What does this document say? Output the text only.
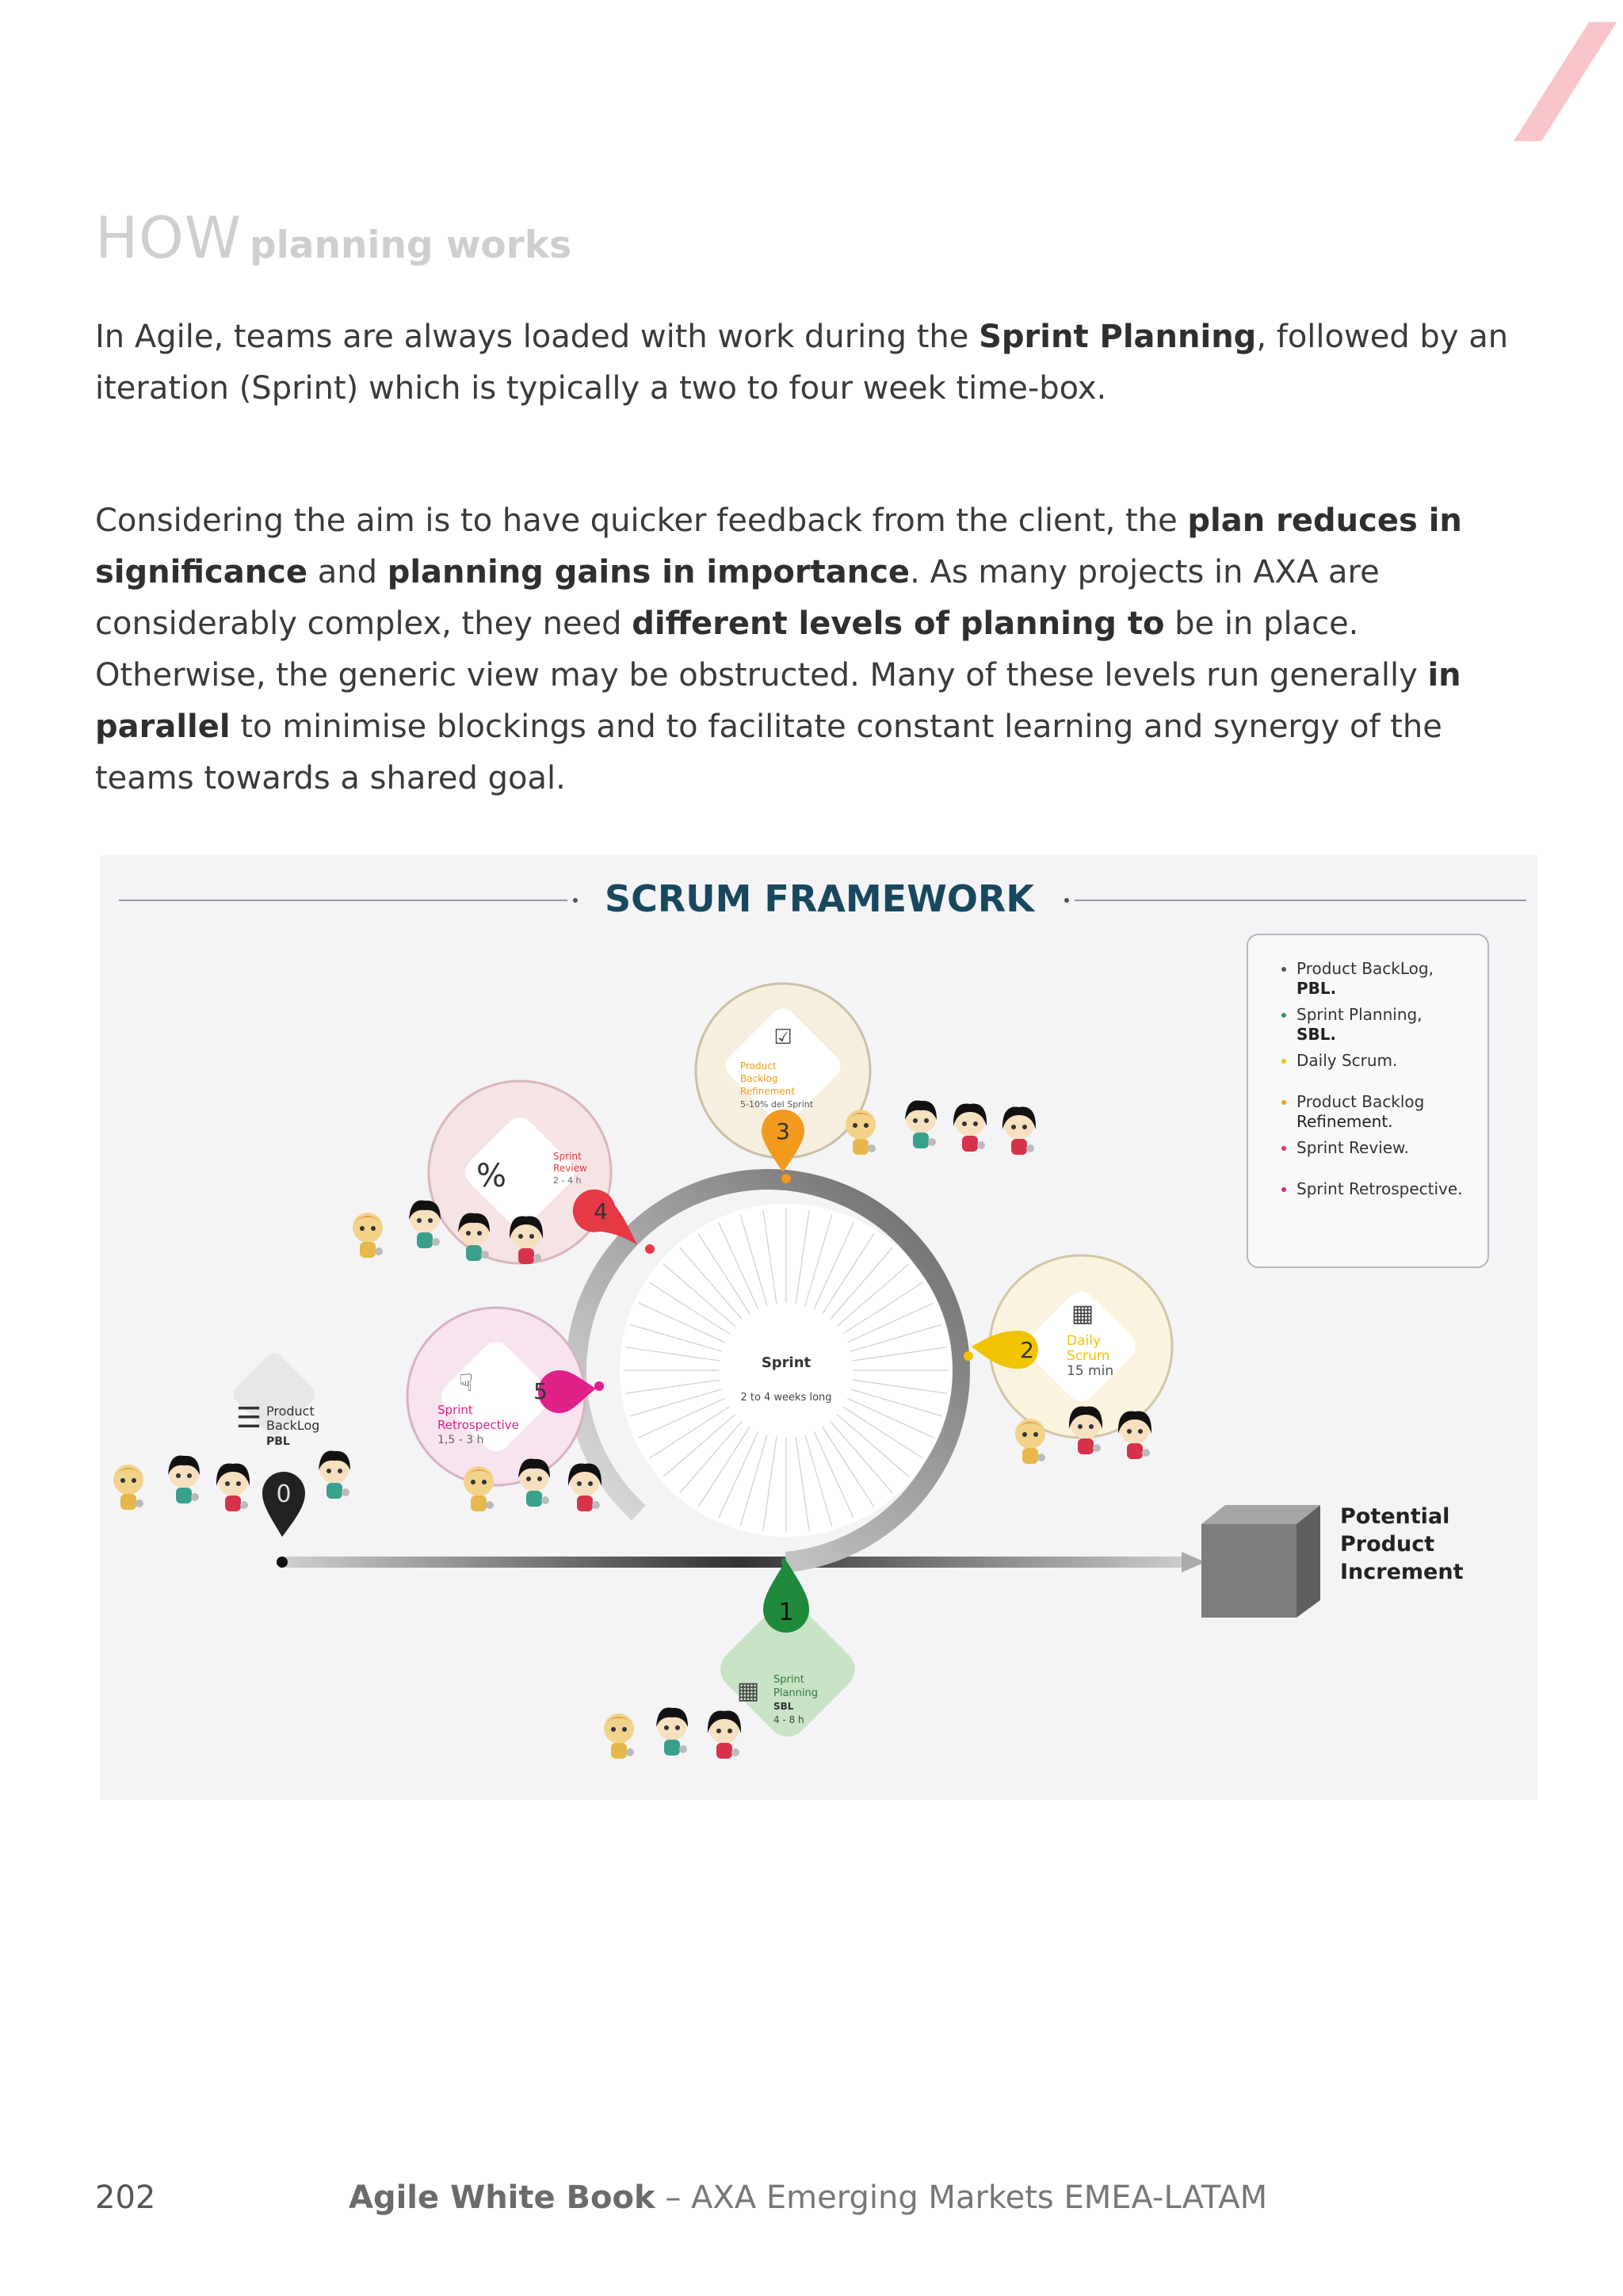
HOW planning works

In Agile, teams are always loaded with work during the Sprint Planning, followed by an iteration (Sprint) which is typically a two to four week time-box.

Considering the aim is to have quicker feedback from the client, the plan reduces in significance and planning gains in importance. As many projects in AXA are considerably complex, they need different levels of planning to be in place. Otherwise, the generic view may be obstructed. Many of these levels run generally in parallel to minimise blockings and to facilitate constant learning and synergy of the teams towards a shared goal.

SCRUM FRAMEWORK
Product BackLog,
PBL.
Sprint Planning,
SBL.
Daily Scrum.
Product Backlog
Refinement.
Sprint Review.
Sprint Retrospective.
Sprint
2 to 4 weeks long
☑
Product
Backlog
Refinement
5-10% del Sprint
3
%
Sprint
Review
2 - 4 h
4
▦
Daily
Scrum
15 min
2
☟
Sprint
Retrospective
1,5 - 3 h
5
☰ Product
BackLog
PBL
0
1
▦ Sprint
Planning
SBL
4 - 8 h
Potential
Product
Increment
202	Agile White Book – AXA Emerging Markets EMEA-LATAM
